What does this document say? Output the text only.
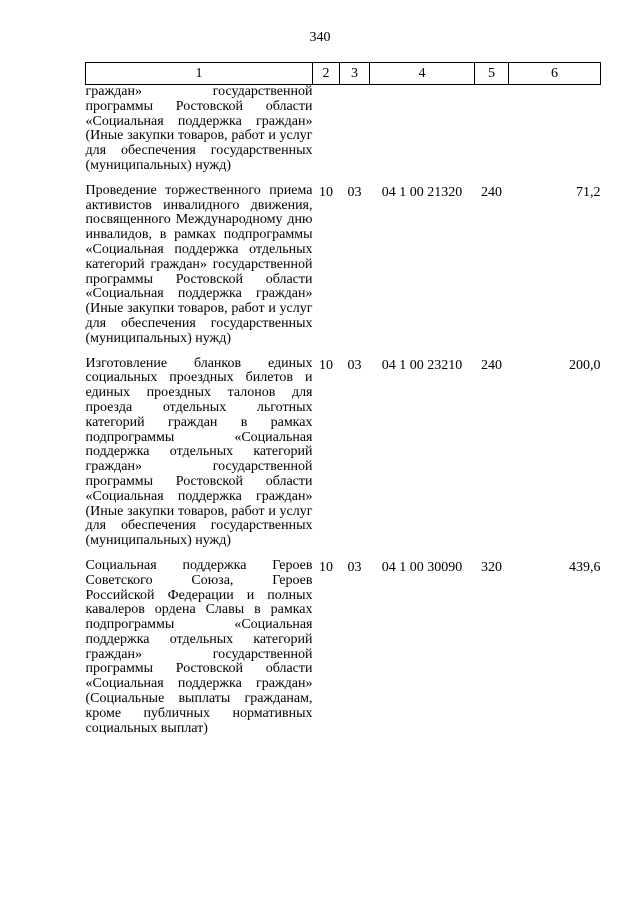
340
1	2	3	4	5	6
граждан» государственной программы Ростовской области «Социальная поддержка граждан» (Иные закупки товаров, работ и услуг для обеспечения государственных (муниципальных) нужд)					
Проведение торжественного приема активистов инвалидного движения, посвященного Международному дню инвалидов, в рамках подпрограммы «Социальная поддержка отдельных категорий граждан» государственной программы Ростовской области «Социальная поддержка граждан» (Иные закупки товаров, работ и услуг для обеспечения государственных (муниципальных) нужд)	10	03	04 1 00 21320	240	71,2
Изготовление бланков единых социальных проездных билетов и единых проездных талонов для проезда отдельных льготных категорий граждан в рамках подпрограммы «Социальная поддержка отдельных категорий граждан» государственной программы Ростовской области «Социальная поддержка граждан» (Иные закупки товаров, работ и услуг для обеспечения государственных (муниципальных) нужд)	10	03	04 1 00 23210	240	200,0
Социальная поддержка Героев Советского Союза, Героев Российской Федерации и полных кавалеров ордена Славы в рамках подпрограммы «Социальная поддержка отдельных категорий граждан» государственной программы Ростовской области «Социальная поддержка граждан» (Социальные выплаты гражданам, кроме публичных нормативных социальных выплат)	10	03	04 1 00 30090	320	439,6
